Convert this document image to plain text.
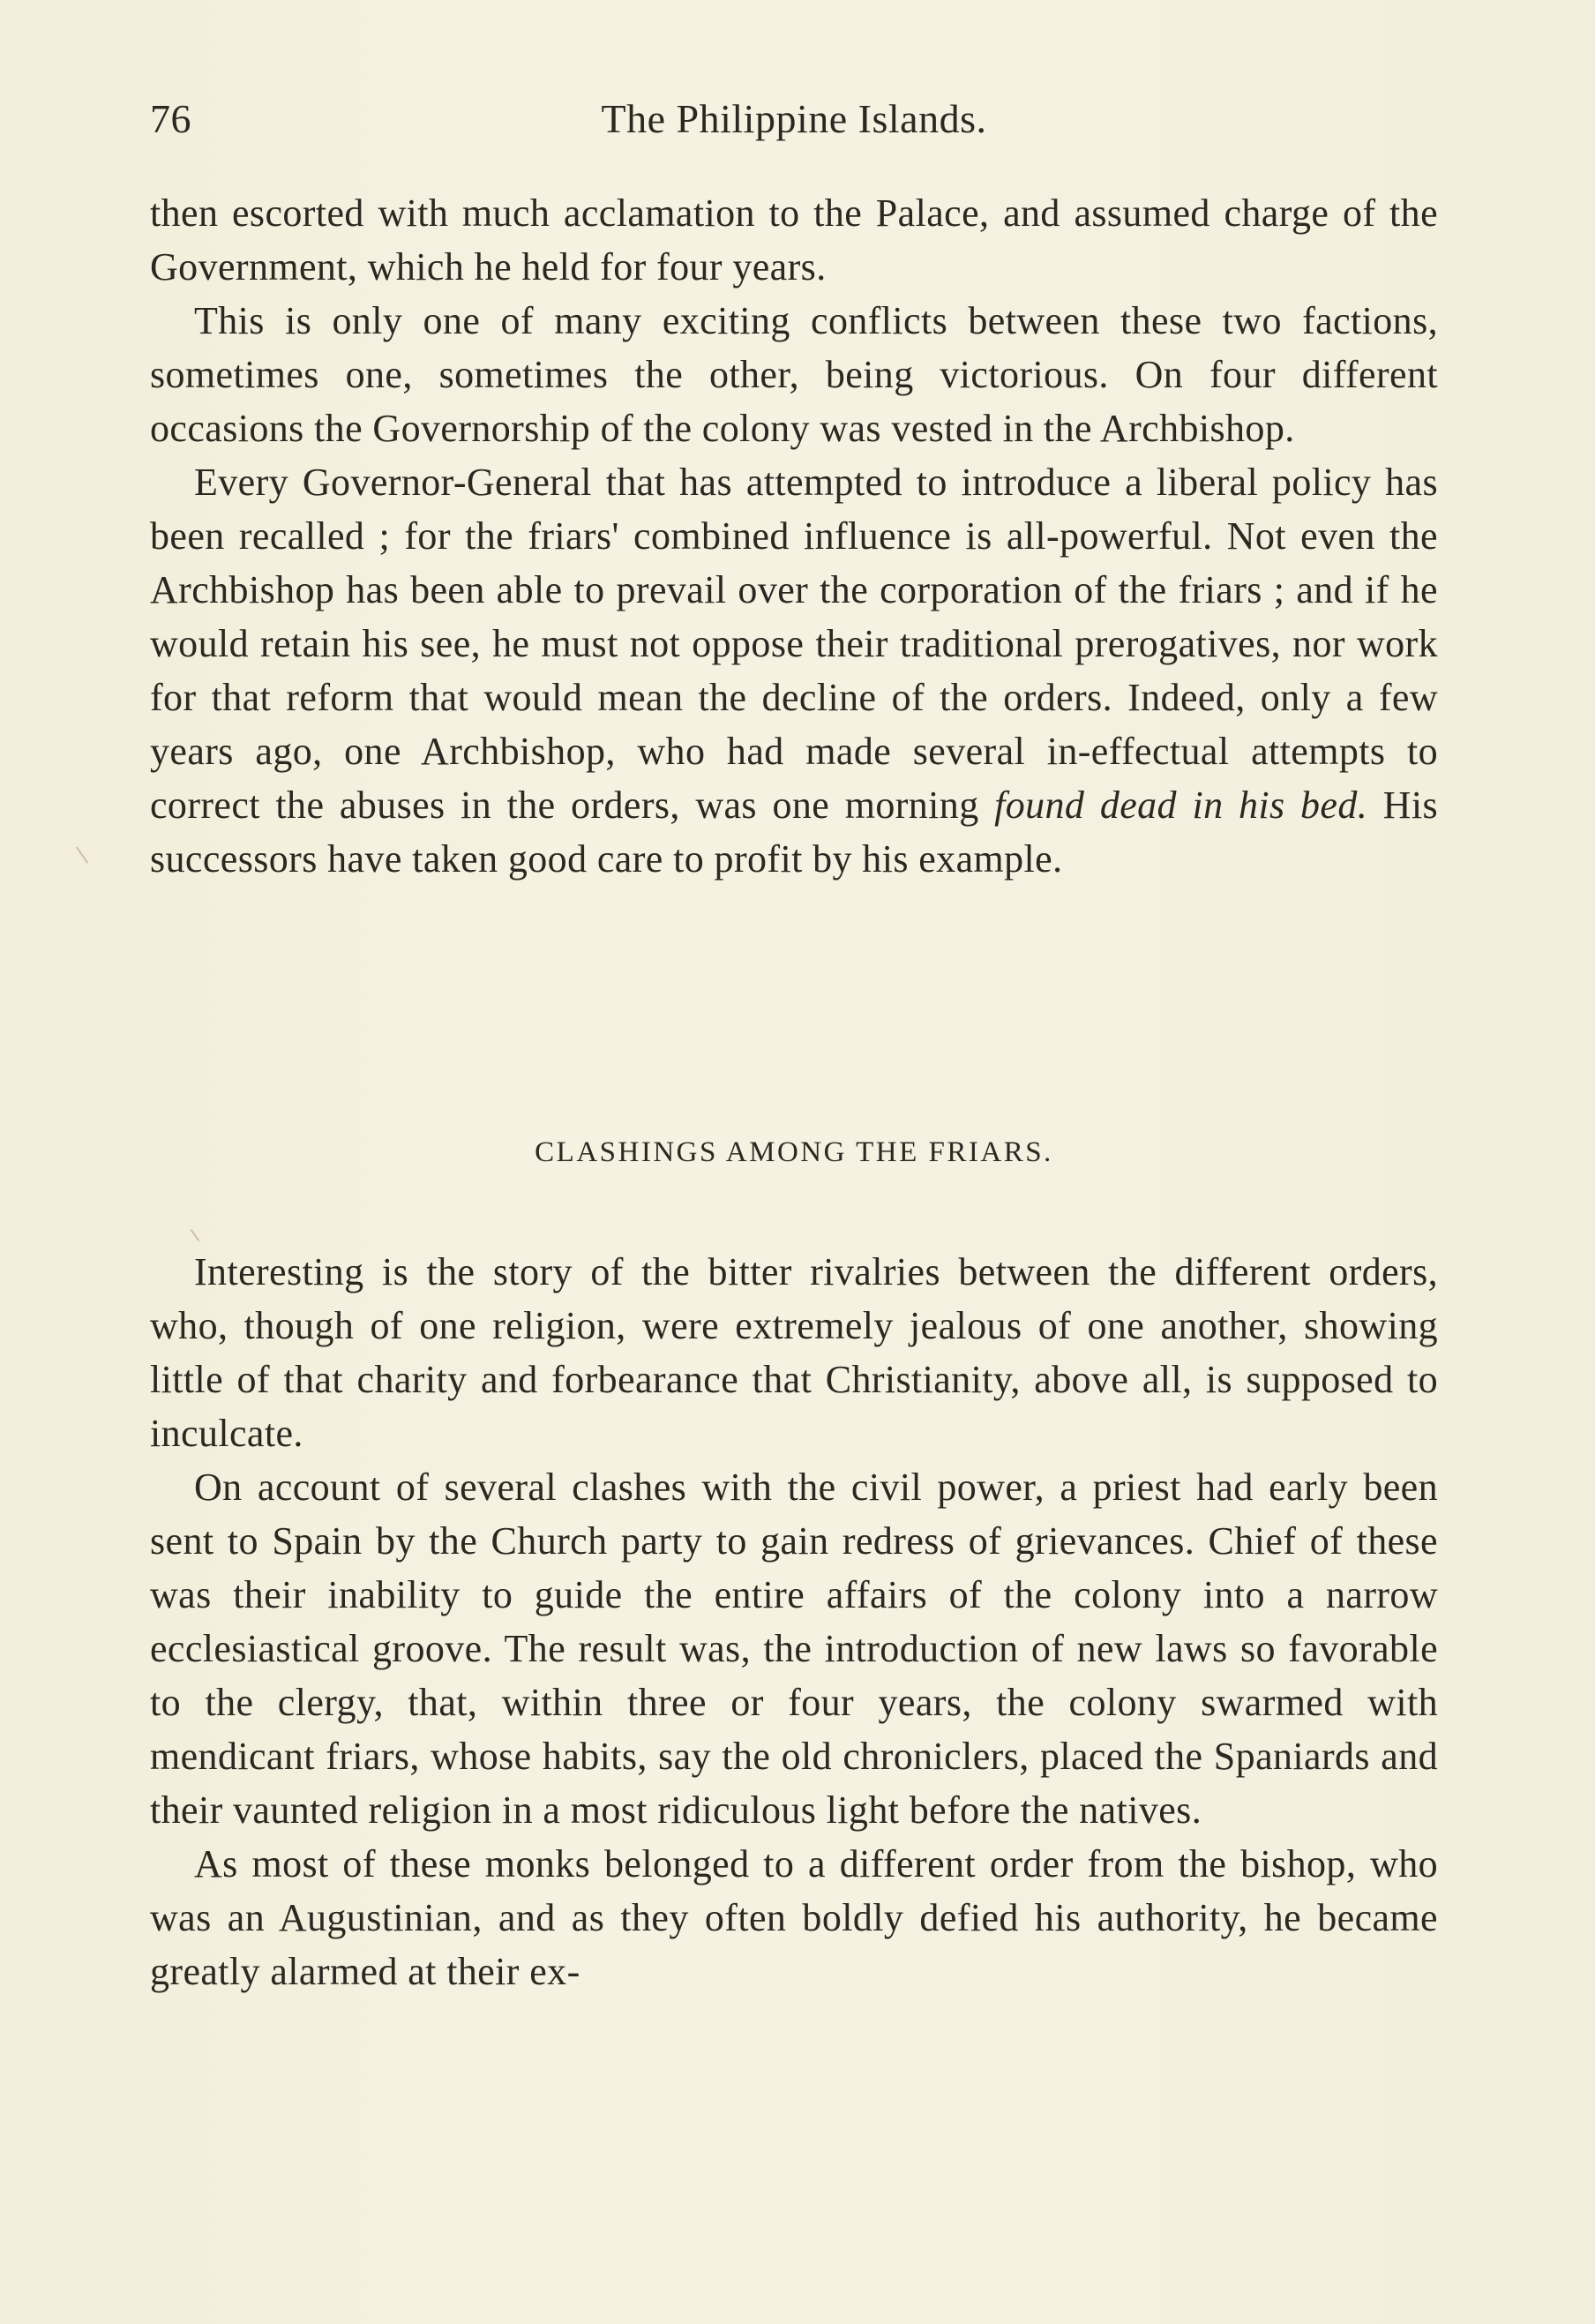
76	The Philippine Islands.

then escorted with much acclamation to the Palace, and assumed charge of the Government, which he held for four years.

This is only one of many exciting conflicts between these two factions, sometimes one, sometimes the other, being victorious. On four different occasions the Governorship of the colony was vested in the Archbishop.

Every Governor-General that has attempted to introduce a liberal policy has been recalled ; for the friars' combined influence is all-powerful. Not even the Archbishop has been able to prevail over the corporation of the friars ; and if he would retain his see, he must not oppose their traditional prerogatives, nor work for that reform that would mean the decline of the orders. Indeed, only a few years ago, one Archbishop, who had made several in-effectual attempts to correct the abuses in the orders, was one morning found dead in his bed. His successors have taken good care to profit by his example.

CLASHINGS AMONG THE FRIARS.

Interesting is the story of the bitter rivalries between the different orders, who, though of one religion, were extremely jealous of one another, showing little of that charity and forbearance that Christianity, above all, is supposed to inculcate.

On account of several clashes with the civil power, a priest had early been sent to Spain by the Church party to gain redress of grievances. Chief of these was their inability to guide the entire affairs of the colony into a narrow ecclesiastical groove. The result was, the introduction of new laws so favorable to the clergy, that, within three or four years, the colony swarmed with mendicant friars, whose habits, say the old chroniclers, placed the Spaniards and their vaunted religion in a most ridiculous light before the natives.

As most of these monks belonged to a different order from the bishop, who was an Augustinian, and as they often boldly defied his authority, he became greatly alarmed at their ex-
